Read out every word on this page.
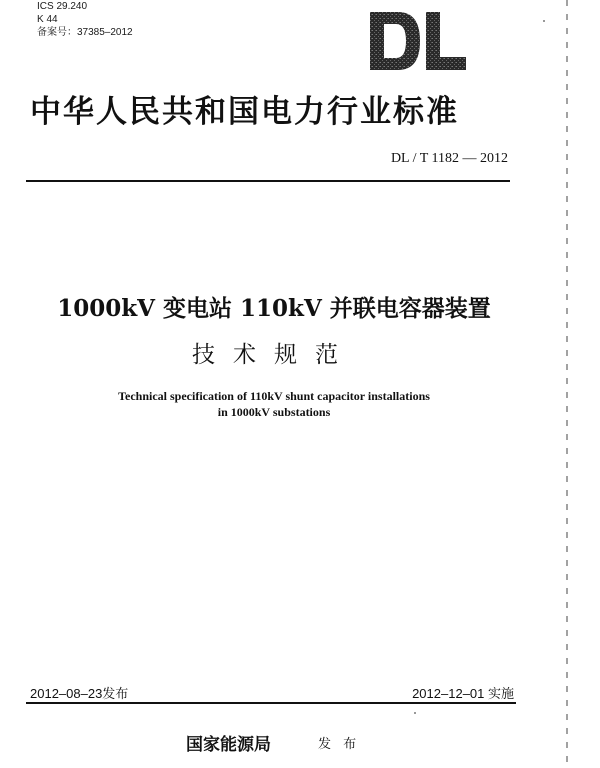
ICS 29.240
K 44
备案号：37385–2012
中华人民共和国电力行业标准
DL / T 1182 — 2012
1000kV 变电站 110kV 并联电容器装置
技术规范
Technical specification of 110kV shunt capacitor installations
in 1000kV substations
2012–08–23发布	2012–12–01 实施
国家能源局	发 布
